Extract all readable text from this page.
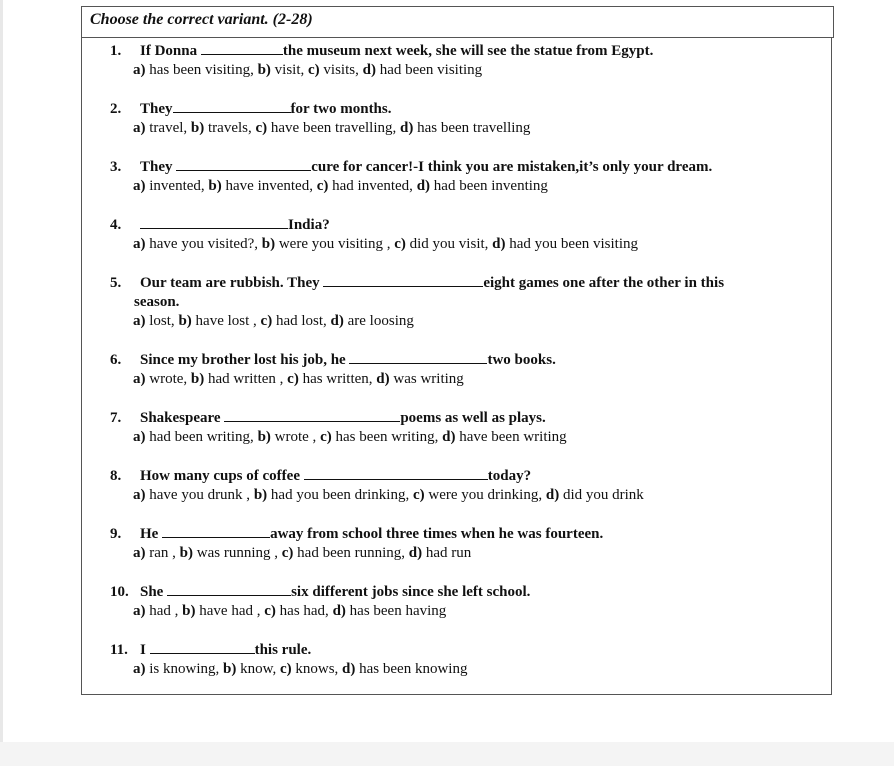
Choose the correct variant. (2-28)
1. If Donna	the museum next week, she will see the statue from Egypt.
a) has been visiting, b) visit, c) visits, d) had been visiting
2. They	for two months.
a) travel, b) travels, c) have been travelling, d) has been travelling
3. They	cure for cancer!-I think you are mistaken,it’s only your dream.
a) invented, b) have invented, c) had invented, d) had been inventing
4.	India?
a) have you visited?, b) were you visiting , c) did you visit, d) had you been visiting
5. Our team are rubbish. They	eight games one after the other in this
season.
a) lost, b) have lost , c) had lost, d) are loosing
6. Since my brother lost his job, he	two books.
a) wrote, b) had written , c) has written, d) was writing
7. Shakespeare	poems as well as plays.
a) had been writing, b) wrote , c) has been writing, d) have been writing
8. How many cups of coffee	today?
a) have you drunk , b) had you been drinking, c) were you drinking, d) did you drink
9. He	away from school three times when he was fourteen.
a) ran , b) was running , c) had been running, d) had run
10. She	six different jobs since she left school.
a) had , b) have had , c) has had, d) has been having
11. I	this rule.
a) is knowing, b) know, c) knows, d) has been knowing
